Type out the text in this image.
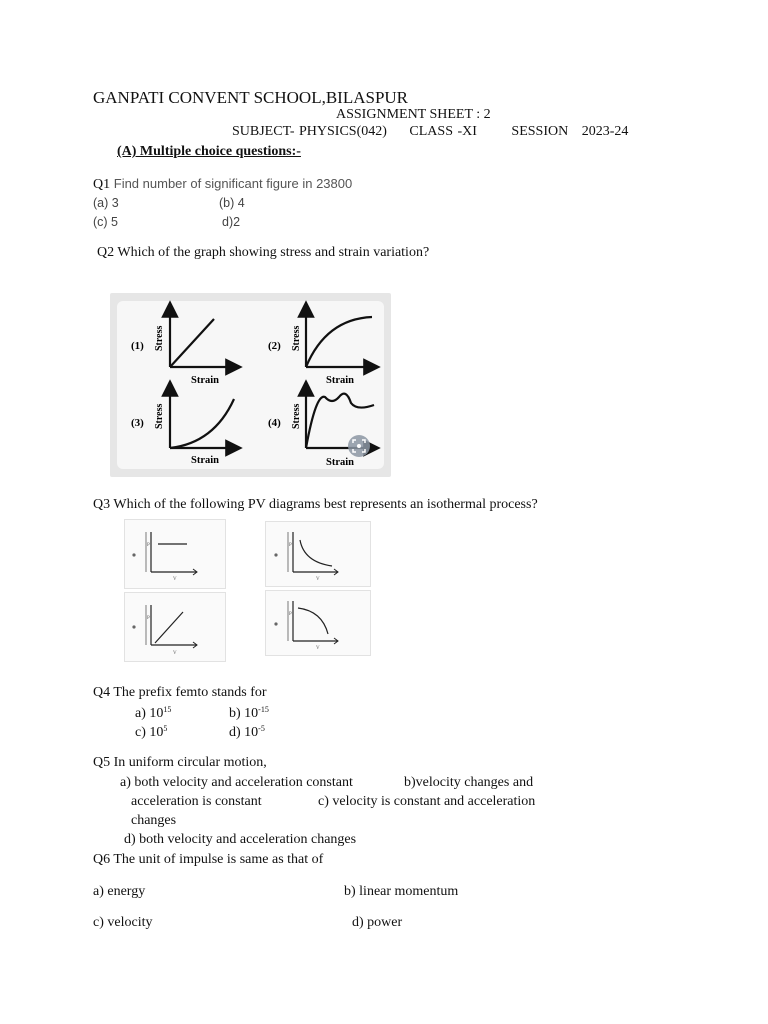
GANPATI CONVENT SCHOOL,BILASPUR
ASSIGNMENT SHEET : 2
SUBJECT- PHYSICS(042) CLASS -XI SESSION   2023-24
(A) Multiple choice questions:-
Q1 Find number of significant figure in 23800
(a) 3	(b) 4
(c) 5	d)2
Q2 Which of the graph showing stress and strain variation?
(1) Stress
Strain
(2) Stress
Strain
(3) Stress
Strain
(4) Stress
Strain
Q3 Which of the following PV diagrams best represents an isothermal process?
P
V
P
V
P
V
P
V
Q4 The prefix femto stands for
a) $10^{15}$	b) $10^{-15}$
c) $10^5$	d) $10^{-5}$
Q5 In uniform circular motion,
a) both velocity and acceleration constant	b)velocity changes and
acceleration is constant	c) velocity is constant and acceleration
changes
d) both velocity and acceleration changes
Q6 The unit of impulse is same as that of
a) energy	b) linear momentum
c) velocity	d) power
